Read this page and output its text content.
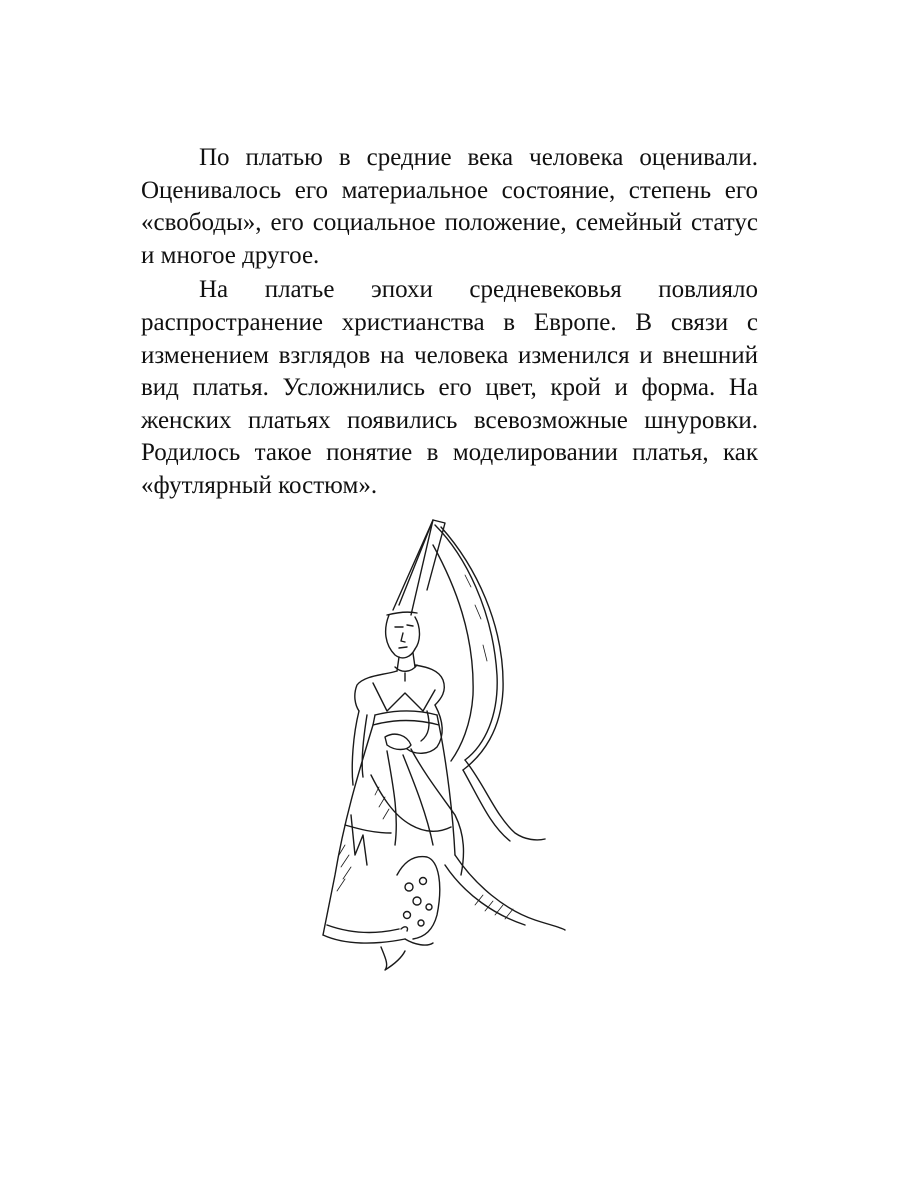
По платью в средние века человека оценивали. Оценивалось его материальное состояние, степень его «свободы», его социальное положение, семейный статус и многое другое.

На платье эпохи средневековья повлияло распространение христианства в Европе. В связи с изменением взглядов на человека изменился и внешний вид платья. Усложнились его цвет, крой и форма. На женских платьях появились всевозможные шнуровки. Родилось такое понятие в моделировании платья, как «футлярный костюм».
